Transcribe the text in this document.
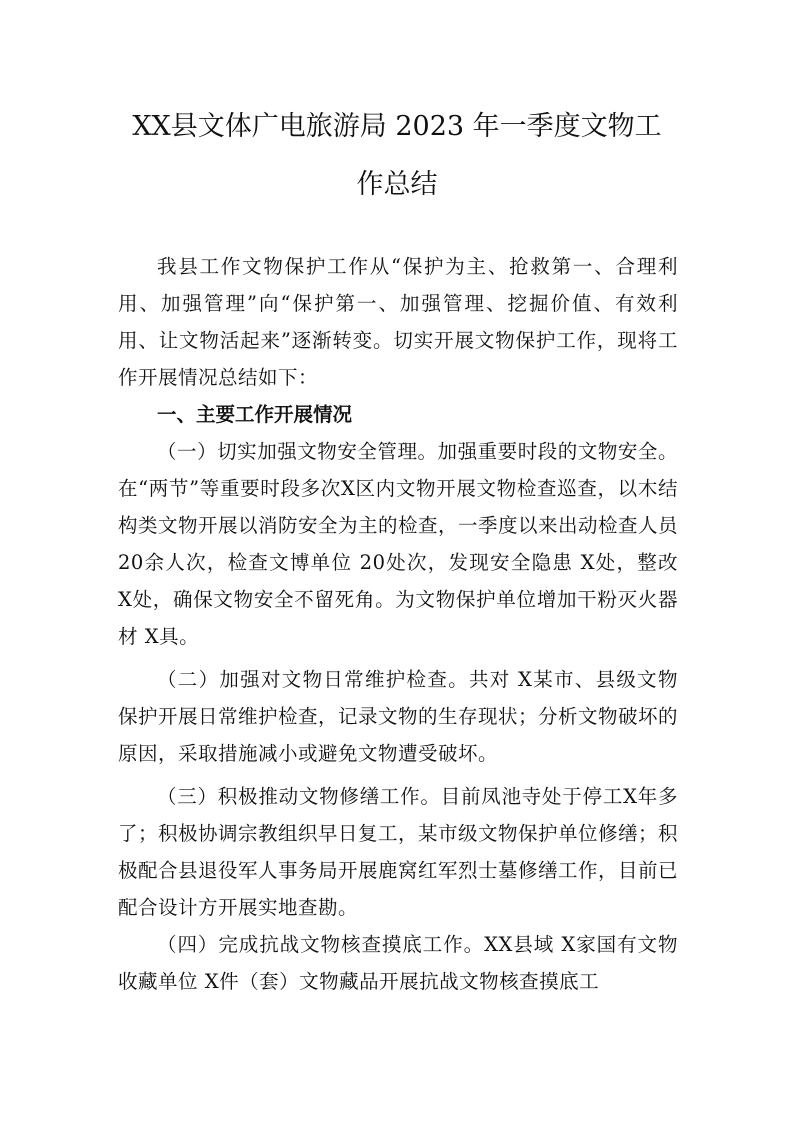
XX县文体广电旅游局 2023 年一季度文物工
作总结

我县工作文物保护工作从“保护为主、抢救第一、合理利用、加强管理”向“保护第一、加强管理、挖掘价值、有效利用、让文物活起来”逐渐转变。切实开展文物保护工作，现将工作开展情况总结如下：

一、主要工作开展情况

（一）切实加强文物安全管理。加强重要时段的文物安全。在“两节”等重要时段多次X区内文物开展文物检查巡查，以木结构类文物开展以消防安全为主的检查，一季度以来出动检查人员 20余人次，检查文博单位 20处次，发现安全隐患 X处，整改 X处，确保文物安全不留死角。为文物保护单位增加干粉灭火器材 X具。

（二）加强对文物日常维护检查。共对 X某市、县级文物保护开展日常维护检查，记录文物的生存现状；分析文物破坏的原因，采取措施减小或避免文物遭受破坏。

（三）积极推动文物修缮工作。目前凤池寺处于停工X年多了；积极协调宗教组织早日复工，某市级文物保护单位修缮；积极配合县退役军人事务局开展鹿窝红军烈士墓修缮工作，目前已配合设计方开展实地查勘。

（四）完成抗战文物核查摸底工作。XX县域 X家国有文物收藏单位 X件（套）文物藏品开展抗战文物核查摸底工
